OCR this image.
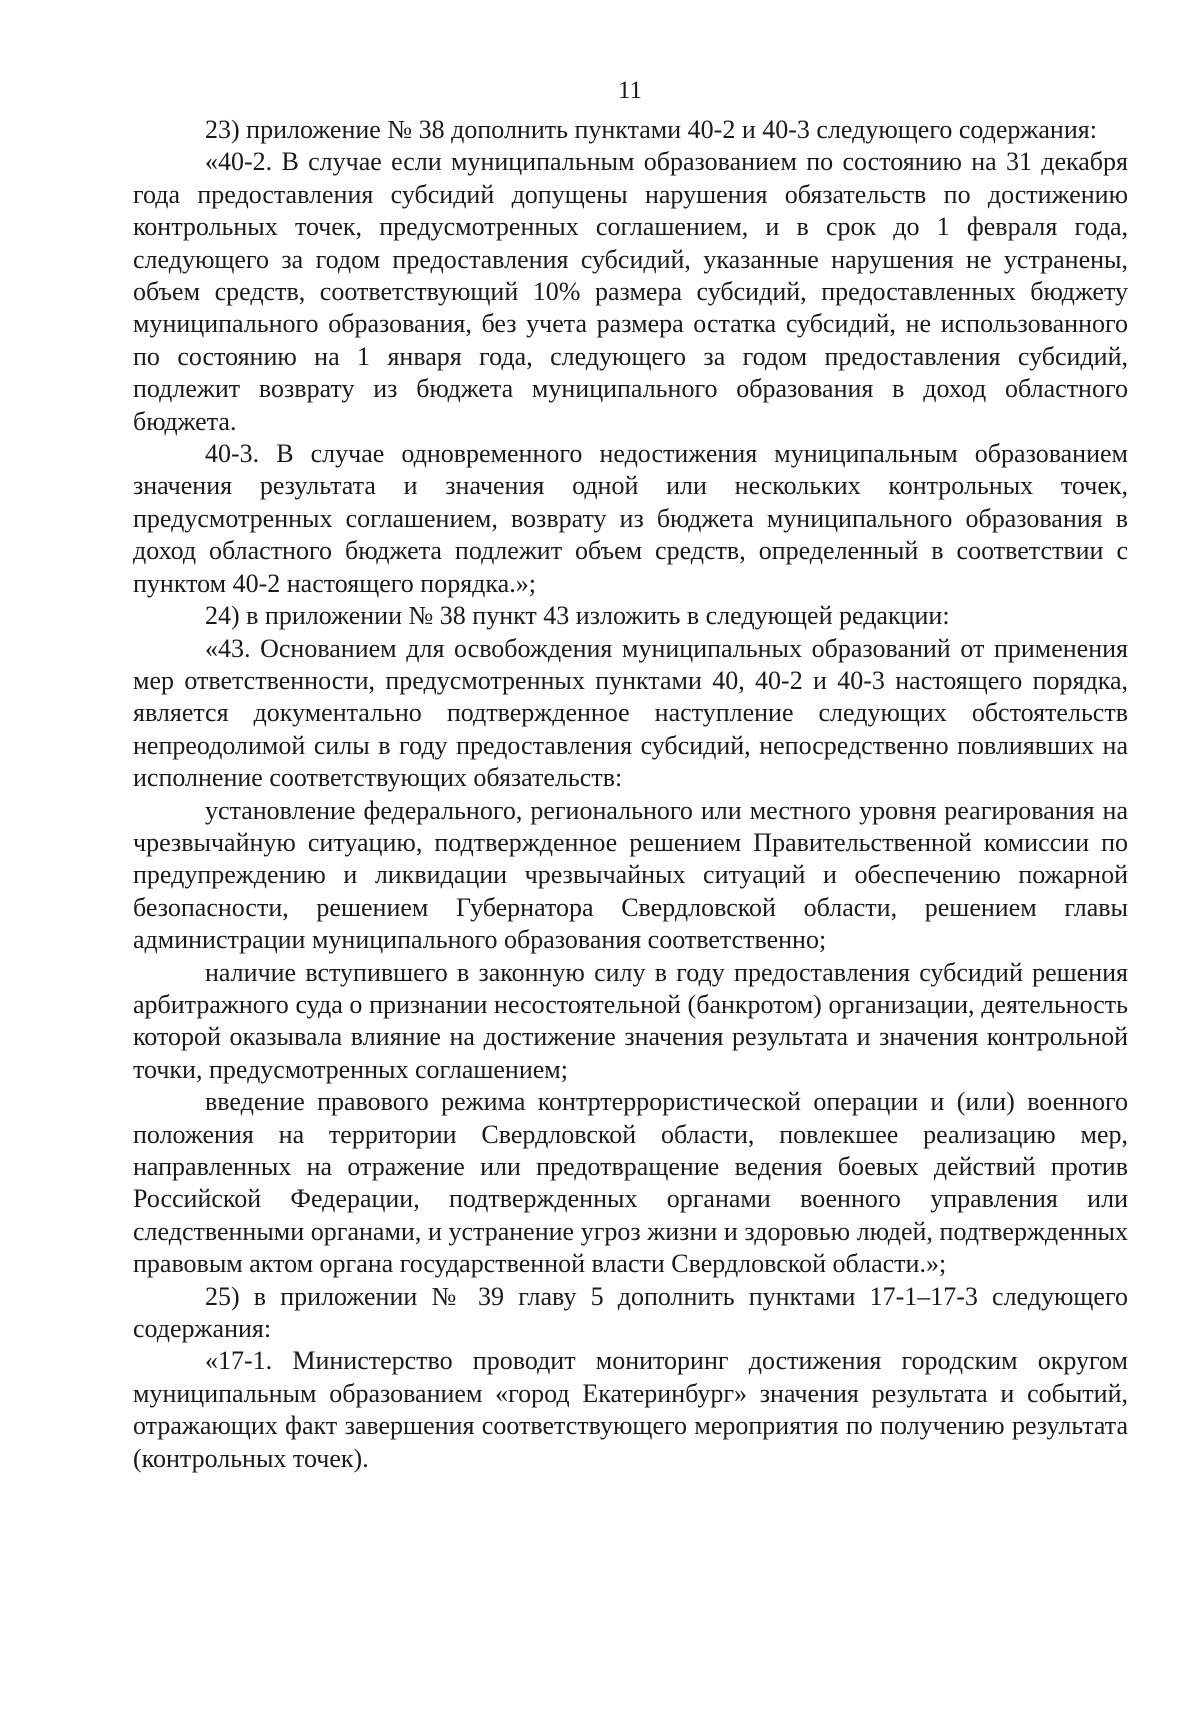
11

23) приложение № 38 дополнить пунктами 40-2 и 40-3 следующего содержания:

«40-2. В случае если муниципальным образованием по состоянию на 31 декабря года предоставления субсидий допущены нарушения обязательств по достижению контрольных точек, предусмотренных соглашением, и в срок до 1 февраля года, следующего за годом предоставления субсидий, указанные нарушения не устранены, объем средств, соответствующий 10% размера субсидий, предоставленных бюджету муниципального образования, без учета размера остатка субсидий, не использованного по состоянию на 1 января года, следующего за годом предоставления субсидий, подлежит возврату из бюджета муниципального образования в доход областного бюджета.

40-3. В случае одновременного недостижения муниципальным образованием значения результата и значения одной или нескольких контрольных точек, предусмотренных соглашением, возврату из бюджета муниципального образования в доход областного бюджета подлежит объем средств, определенный в соответствии с пунктом 40-2 настоящего порядка.»;

24) в приложении № 38 пункт 43 изложить в следующей редакции:

«43. Основанием для освобождения муниципальных образований от применения мер ответственности, предусмотренных пунктами 40, 40-2 и 40-3 настоящего порядка, является документально подтвержденное наступление следующих обстоятельств непреодолимой силы в году предоставления субсидий, непосредственно повлиявших на исполнение соответствующих обязательств:

установление федерального, регионального или местного уровня реагирования на чрезвычайную ситуацию, подтвержденное решением Правительственной комиссии по предупреждению и ликвидации чрезвычайных ситуаций и обеспечению пожарной безопасности, решением Губернатора Свердловской области, решением главы администрации муниципального образования соответственно;

наличие вступившего в законную силу в году предоставления субсидий решения арбитражного суда о признании несостоятельной (банкротом) организации, деятельность которой оказывала влияние на достижение значения результата и значения контрольной точки, предусмотренных соглашением;

введение правового режима контртеррористической операции и (или) военного положения на территории Свердловской области, повлекшее реализацию мер, направленных на отражение или предотвращение ведения боевых действий против Российской Федерации, подтвержденных органами военного управления или следственными органами, и устранение угроз жизни и здоровью людей, подтвержденных правовым актом органа государственной власти Свердловской области.»;

25) в приложении № 39 главу 5 дополнить пунктами 17-1–17-3 следующего содержания:

«17-1. Министерство проводит мониторинг достижения городским округом муниципальным образованием «город Екатеринбург» значения результата и событий, отражающих факт завершения соответствующего мероприятия по получению результата (контрольных точек).
